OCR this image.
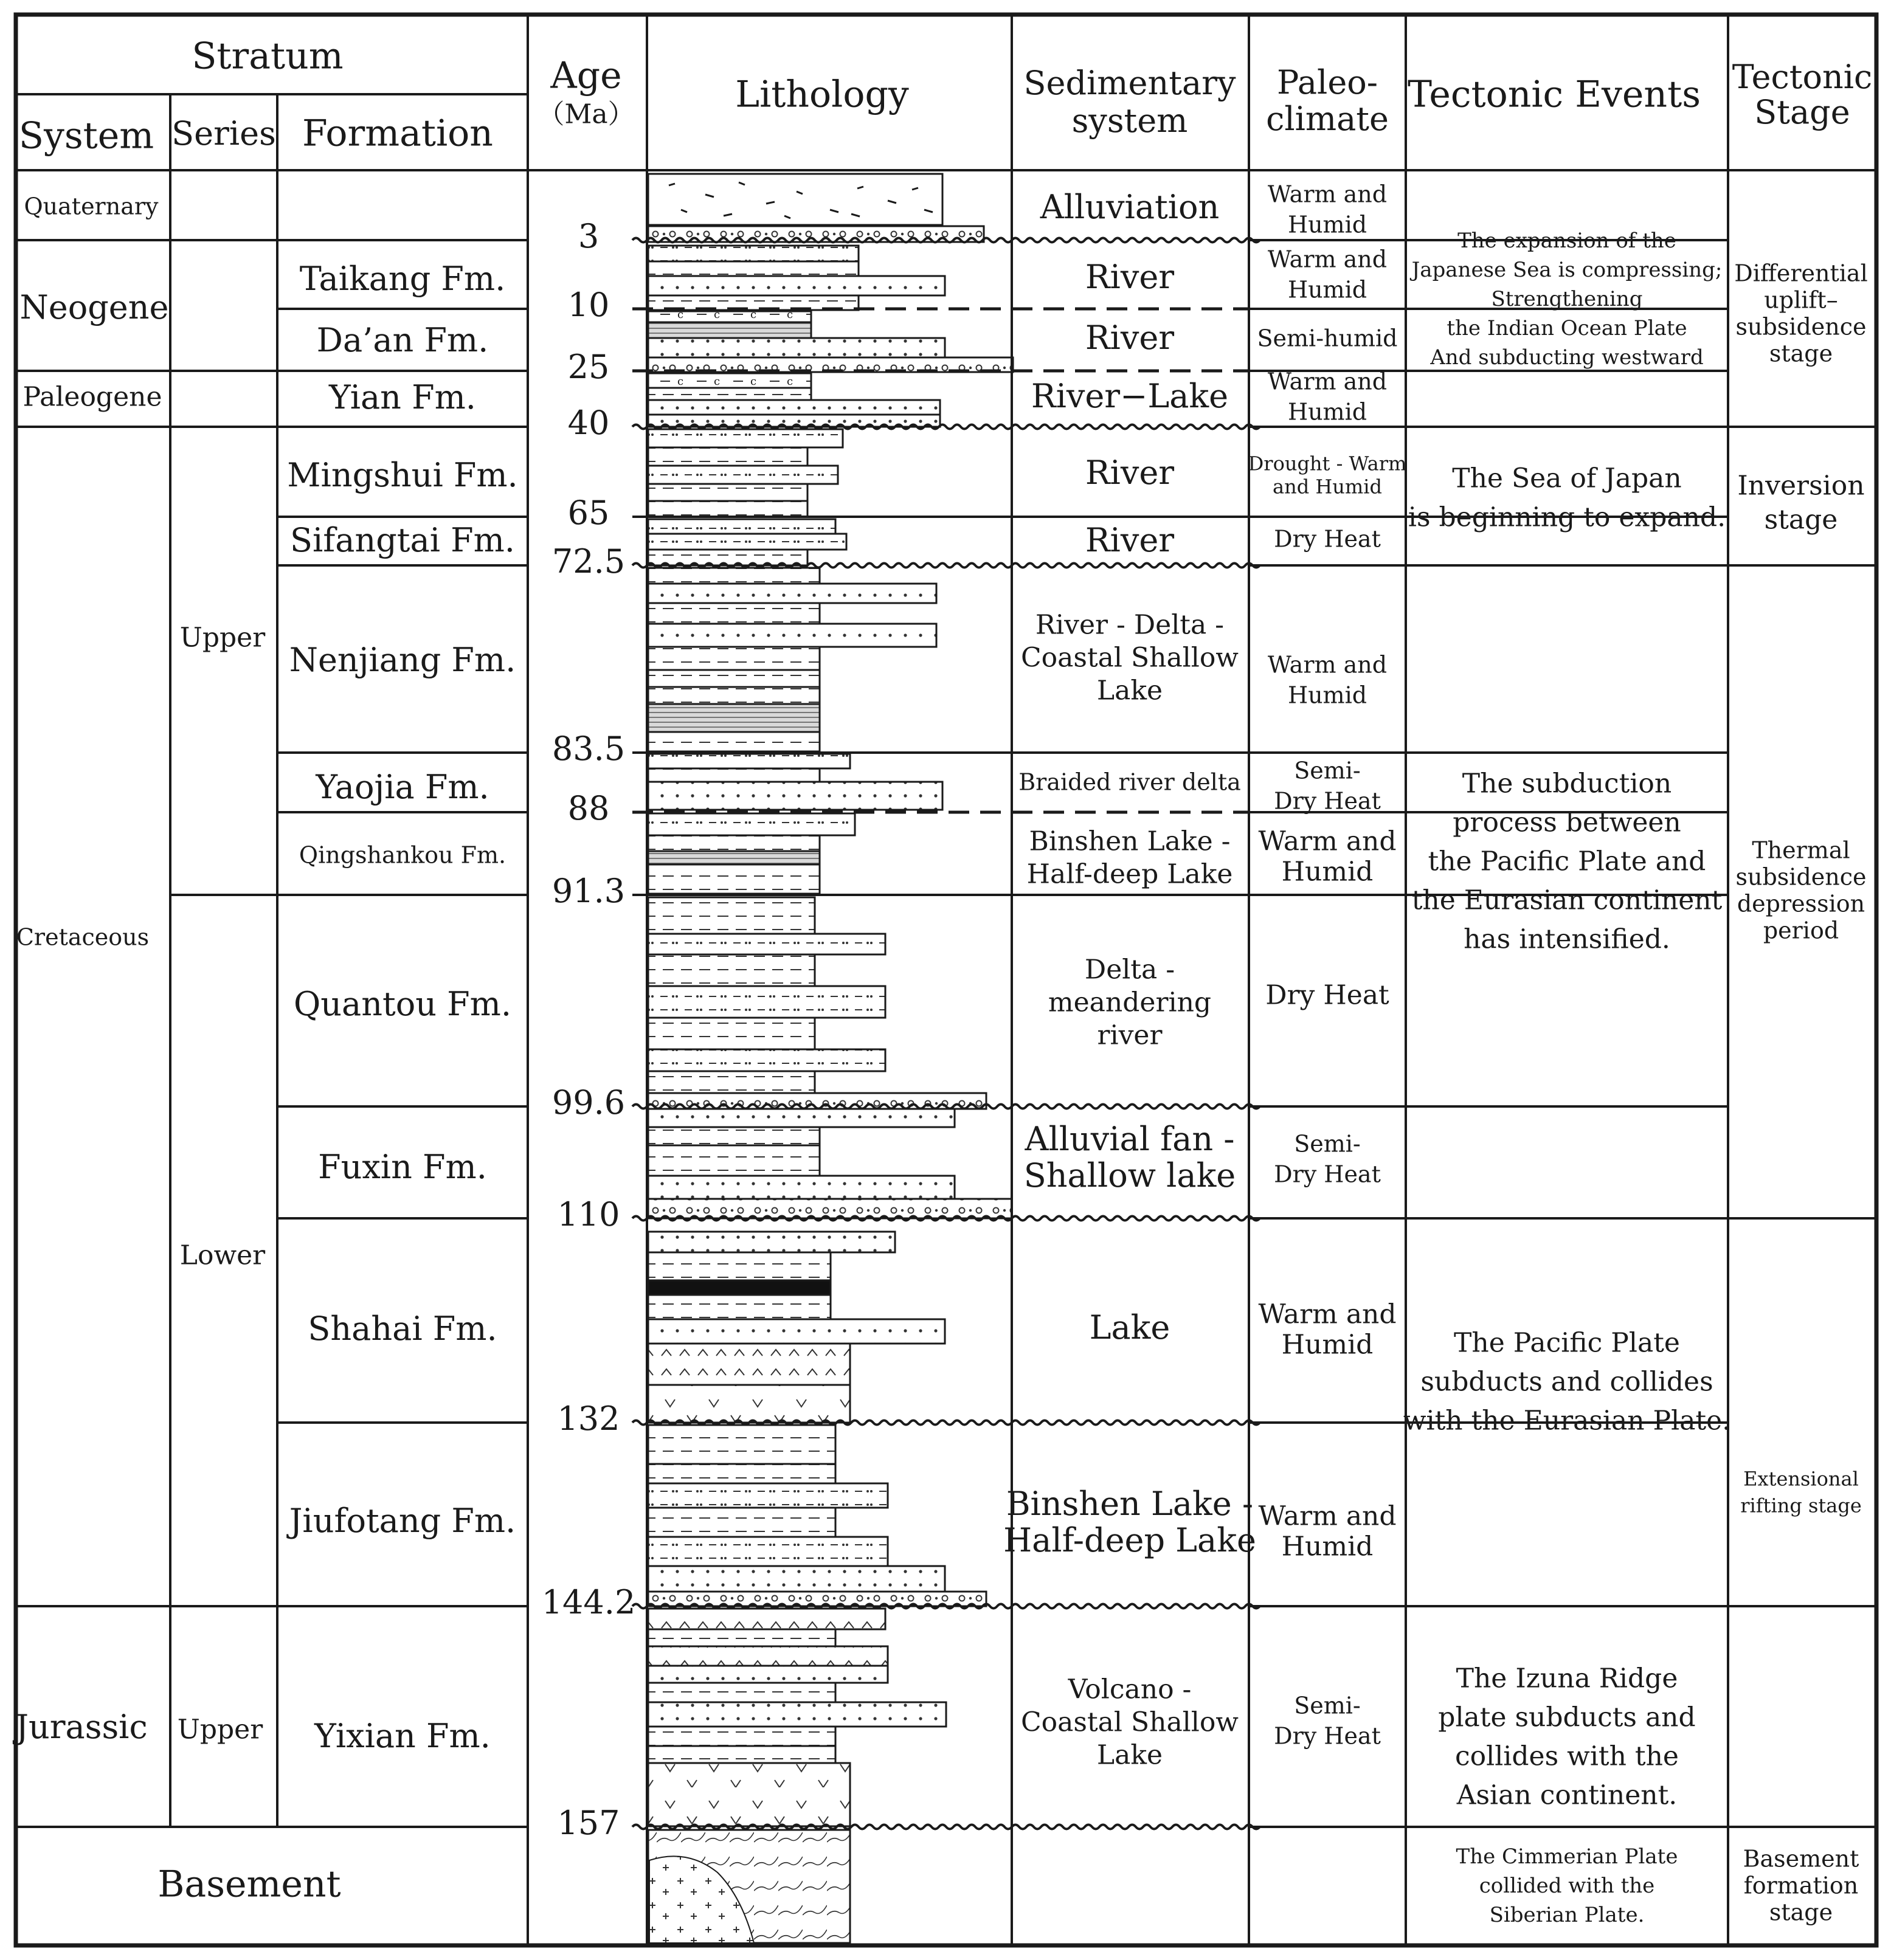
Stratum
System Series Formation
Age （Ma）	Lithology	Sedimentary system
Paleo-climate
Tectonic Events Tectonic Stage
Quaternary
Neogene
Paleogene
Cretaceous
Jurassic
Basement
Upper
Lower
Upper
Taikang Fm.
Da’an Fm.
Yian Fm.
Mingshui Fm.
Sifangtai Fm.
Nenjiang Fm.
Yaojia Fm.
Qingshankou Fm.
Quantou Fm.
Fuxin Fm.
Shahai Fm.
Jiufotang Fm.
Yixian Fm.
3
10
25
40
65
72.5
83.5
88
91.3
99.6
110
132
144.2
157
Alluviation
River
River
River−Lake
River
River
River - Delta -Coastal Shallow Lake
Braided river delta
Binshen Lake -Half-deep Lake
Delta -meandering river
Alluvial fan -Shallow lake
Lake
Binshen Lake -Half-deep Lake
Volcano -Coastal Shallow Lake
Warm and Humid
Warm and Humid
Semi-humid
Warm and Humid
Drought - Warm and Humid
Dry Heat
Warm and Humid
Semi-Dry Heat
Warm and Humid
Dry Heat
Semi-Dry Heat
Warm and Humid
Warm and Humid
Semi-Dry Heat
The expansion of the Japanese Sea is compressing; Strengthening the Indian Ocean Plate And subducting westward
The Sea of Japan is beginning to expand.
The subduction process between the Pacific Plate and the Eurasian continent has intensified.
The Pacific Plate subducts and collides with the Eurasian Plate.
The Izuna Ridge plate subducts and collides with the Asian continent.
The Cimmerian Plate collided with the Siberian Plate.
Differential uplift– subsidence stage
Inversion stage
Thermal subsidence depression period
Extensional rifting stage
Basement formation stage
